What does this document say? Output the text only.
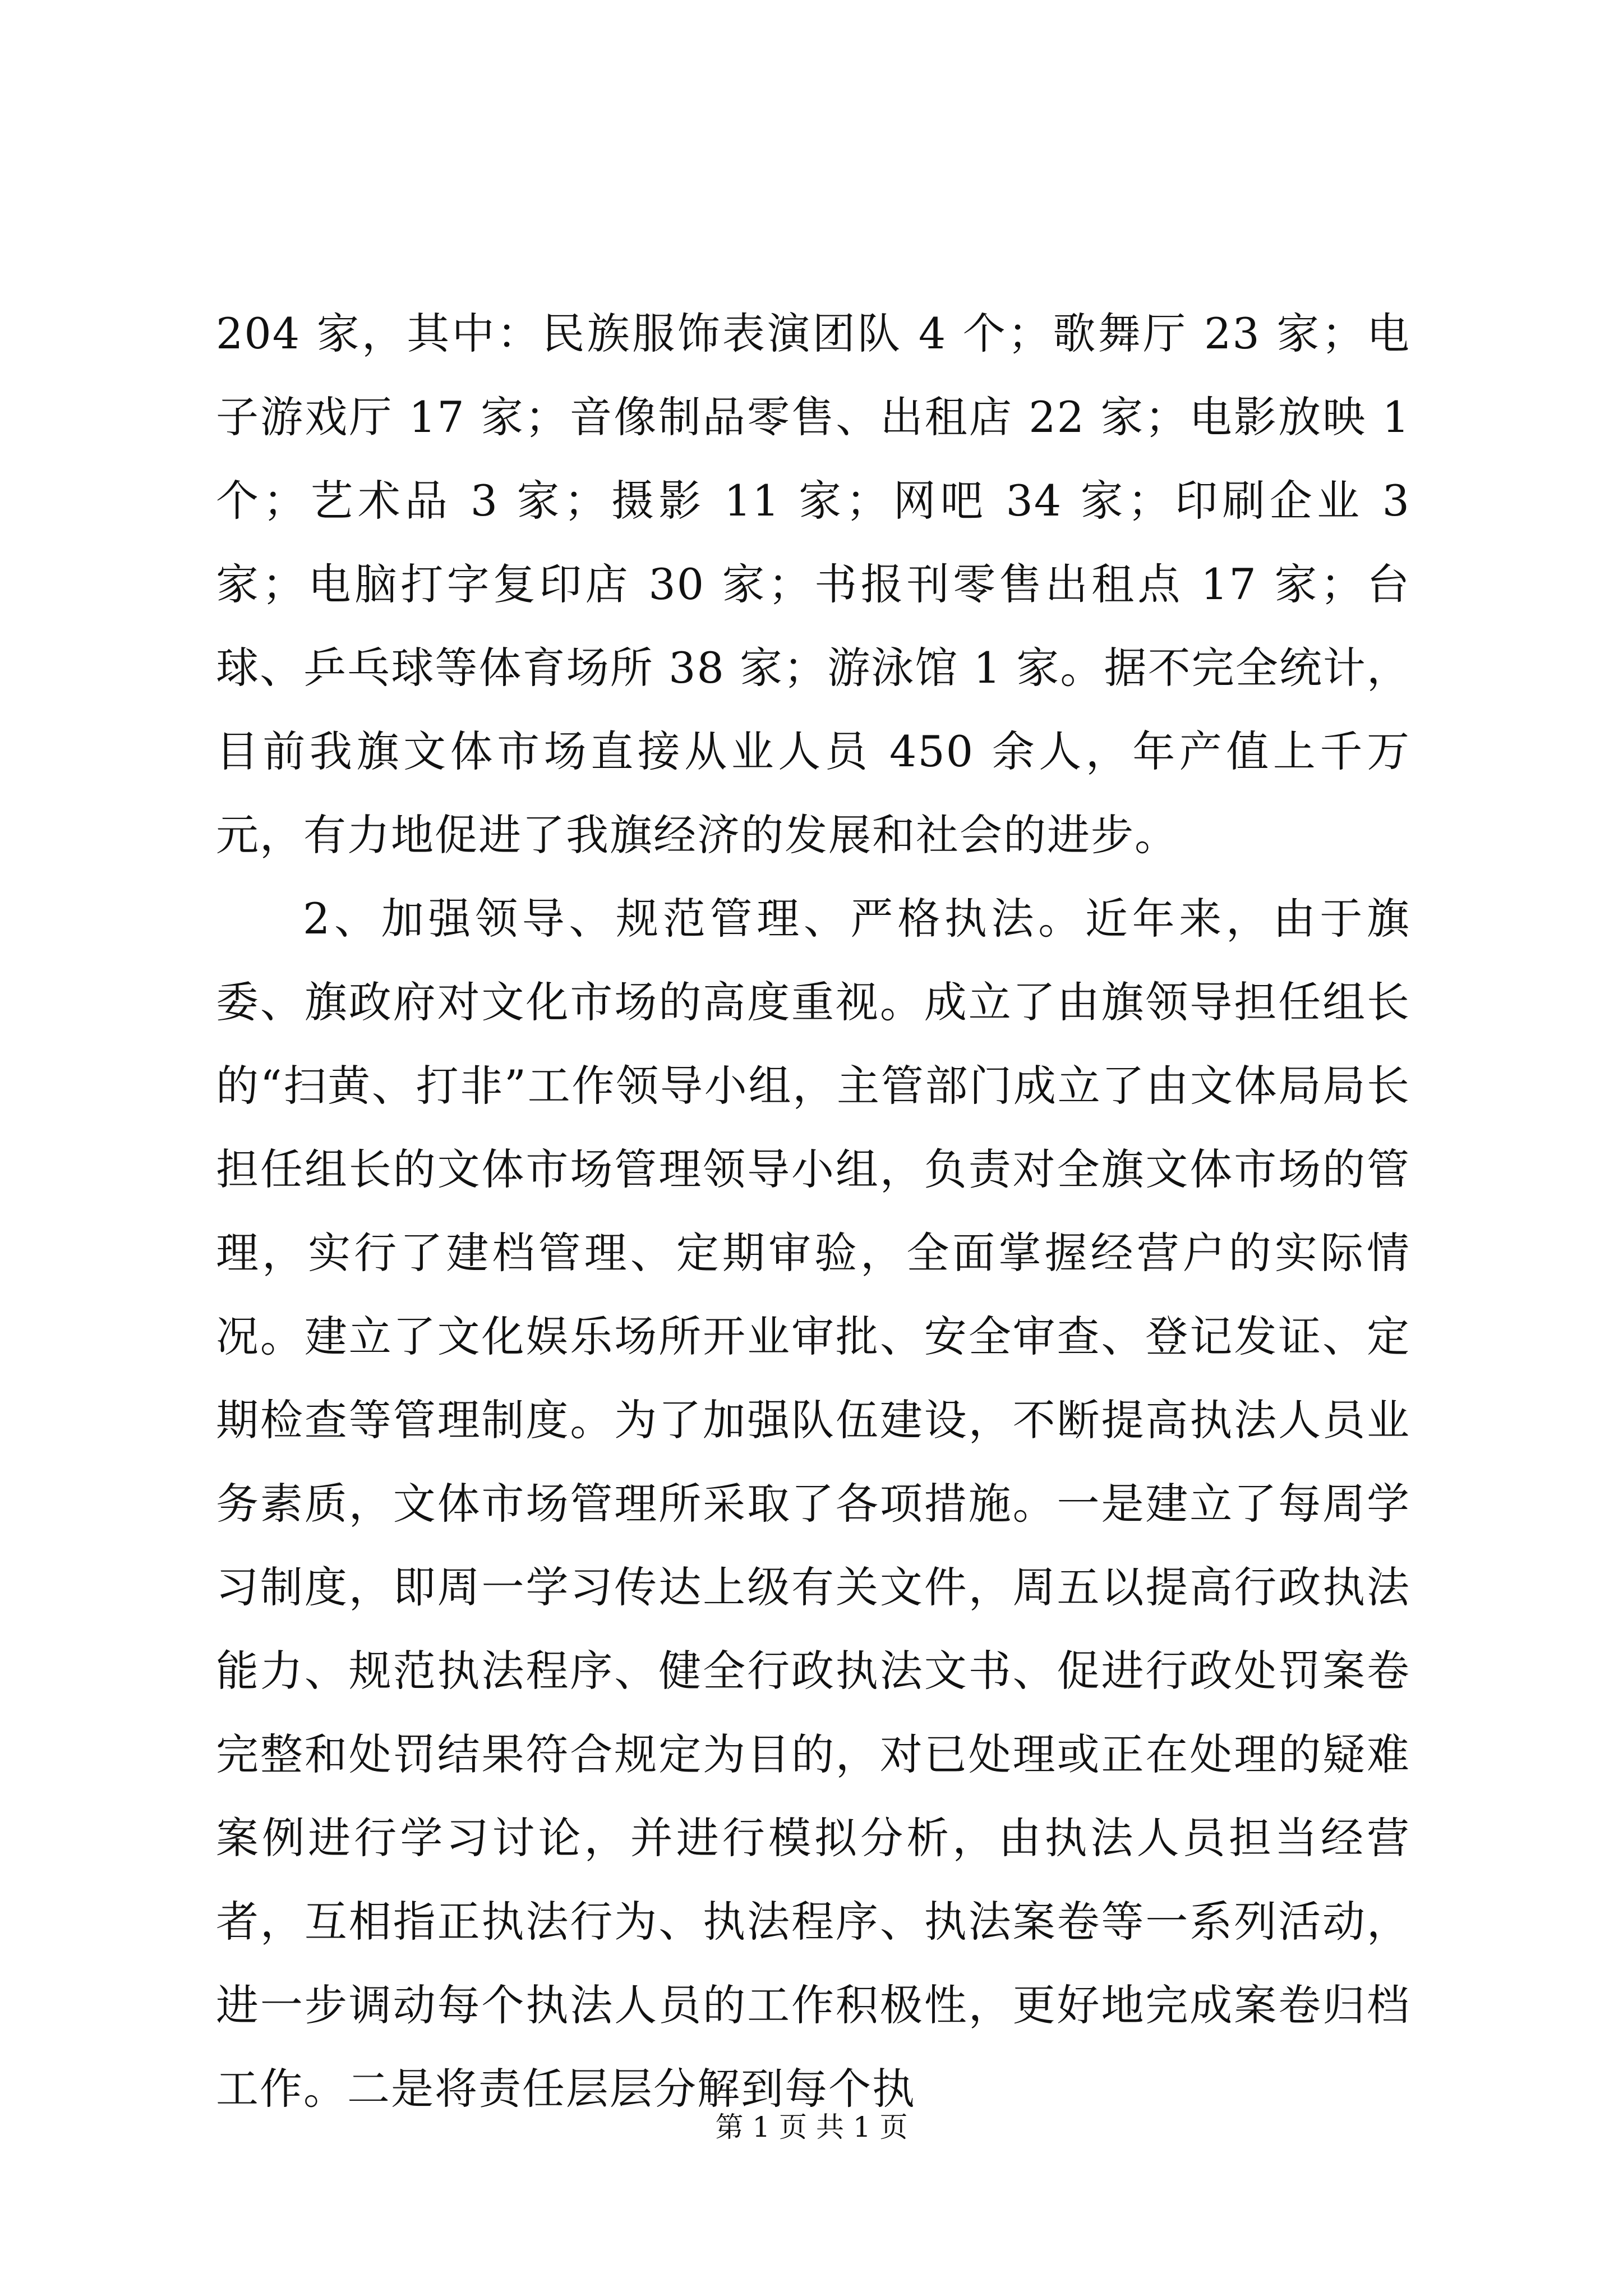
204 家，其中：民族服饰表演团队 4 个；歌舞厅 23 家；电子游戏厅 17 家；音像制品零售、出租店 22 家；电影放映 1 个；艺术品 3 家；摄影 11 家；网吧 34 家；印刷企业 3 家；电脑打字复印店 30 家；书报刊零售出租点 17 家；台球、乒乓球等体育场所 38 家；游泳馆 1 家。据不完全统计，目前我旗文体市场直接从业人员 450 余人，年产值上千万元，有力地促进了我旗经济的发展和社会的进步。

2、加强领导、规范管理、严格执法。近年来，由于旗委、旗政府对文化市场的高度重视。成立了由旗领导担任组长的“扫黄、打非”工作领导小组，主管部门成立了由文体局局长担任组长的文体市场管理领导小组，负责对全旗文体市场的管理，实行了建档管理、定期审验，全面掌握经营户的实际情况。建立了文化娱乐场所开业审批、安全审查、登记发证、定期检查等管理制度。为了加强队伍建设，不断提高执法人员业务素质，文体市场管理所采取了各项措施。一是建立了每周学习制度，即周一学习传达上级有关文件，周五以提高行政执法能力、规范执法程序、健全行政执法文书、促进行政处罚案卷完整和处罚结果符合规定为目的，对已处理或正在处理的疑难案例进行学习讨论，并进行模拟分析，由执法人员担当经营者，互相指正执法行为、执法程序、执法案卷等一系列活动，进一步调动每个执法人员的工作积极性，更好地完成案卷归档工作。二是将责任层层分解到每个执

第 1 页 共 1 页
